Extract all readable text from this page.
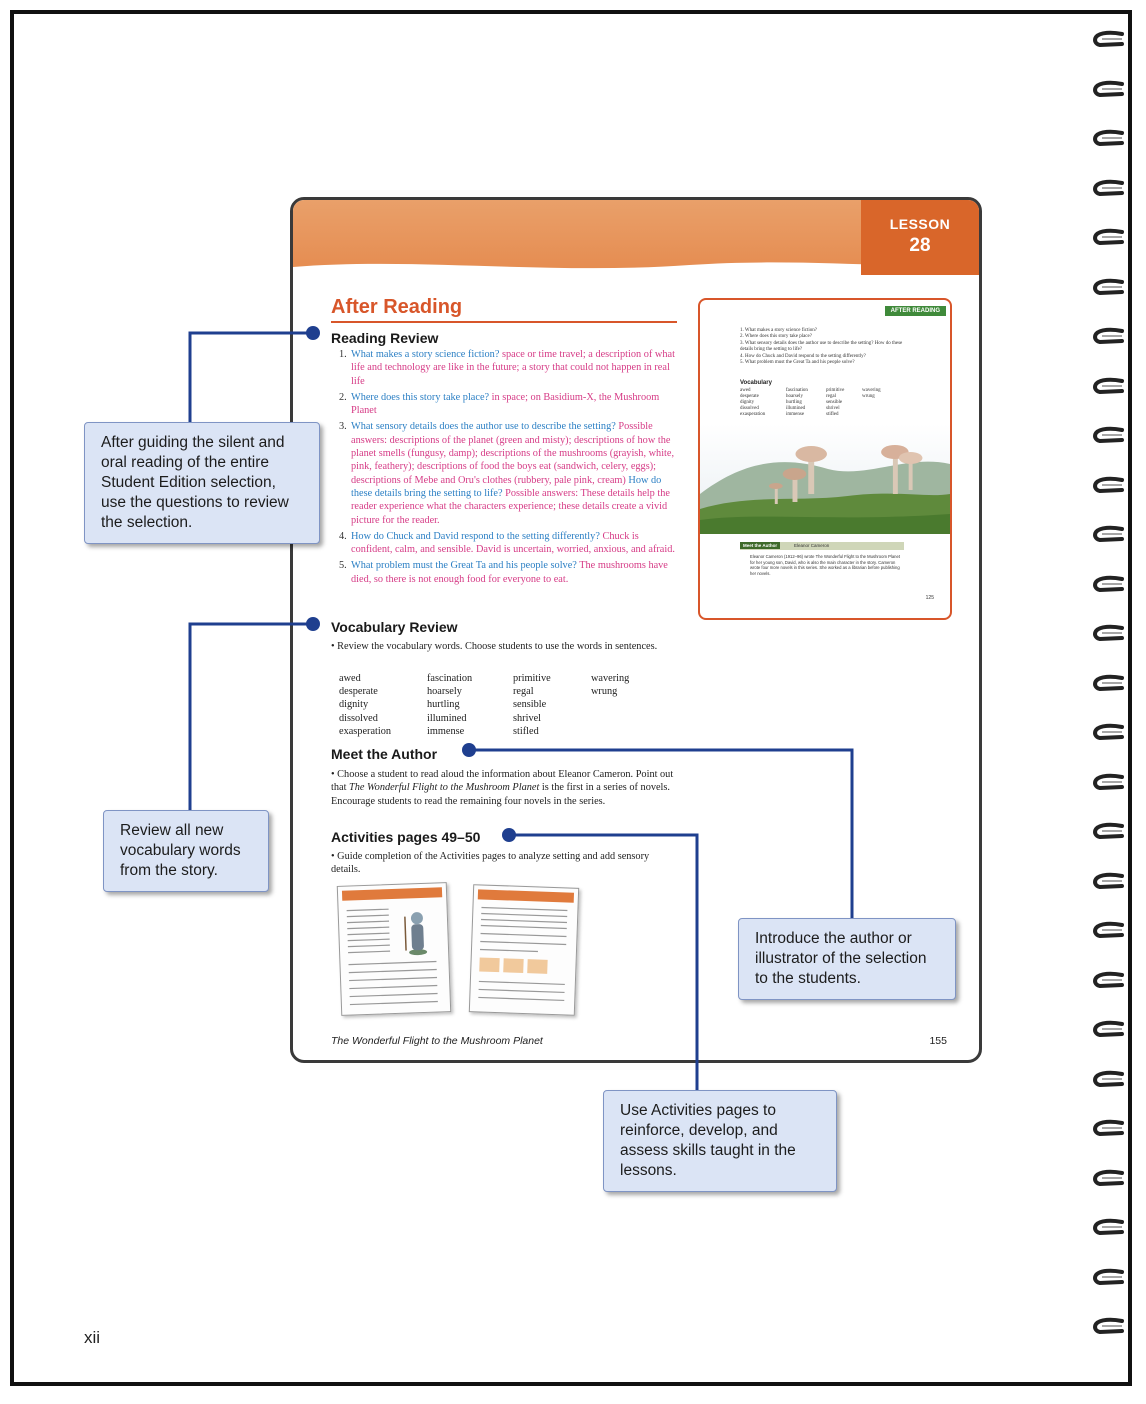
xii
LESSON
28
After Reading
Reading Review
1. What makes a story science fiction? space or time travel; a description of what life and technology are like in the future; a story that could not happen in real life
2. Where does this story take place? in space; on Basidium-X, the Mushroom Planet
3. What sensory details does the author use to describe the setting? Possible answers: descriptions of the planet (green and misty); descriptions of how the planet smells (fungusy, damp); descriptions of the mushrooms (grayish, white, pink, feathery); descriptions of food the boys eat (sandwich, celery, eggs); descriptions of Mebe and Oru's clothes (rubbery, pale pink, cream) How do these details bring the setting to life? Possible answers: These details help the reader experience what the characters experience; these details create a vivid picture for the reader.
4. How do Chuck and David respond to the setting differently? Chuck is confident, calm, and sensible. David is uncertain, worried, anxious, and afraid.
5. What problem must the Great Ta and his people solve? The mushrooms have died, so there is not enough food for everyone to eat.
Vocabulary Review
• Review the vocabulary words. Choose students to use the words in sentences.
awed
desperate
dignity
dissolved
exasperation
fascination
hoarsely
hurtling
illumined
immense
primitive
regal
sensible
shrivel
stifled
wavering
wrung
Meet the Author
• Choose a student to read aloud the information about Eleanor Cameron. Point out that The Wonderful Flight to the Mushroom Planet is the first in a series of novels. Encourage students to read the remaining four novels in the series.
Activities pages 49–50
• Guide completion of the Activities pages to analyze setting and add sensory details.
The Wonderful Flight to the Mushroom Planet	155
AFTER READING
1. What makes a story science fiction?
2. Where does this story take place?
3. What sensory details does the author use to describe the setting? How do these details bring the setting to life?
4. How do Chuck and David respond to the setting differently?
5. What problem must the Great Ta and his people solve?
Vocabulary
awed
desperate
dignity
dissolved
exasperation
fascination
hoarsely
hurtling
illumined
immense
primitive
regal
sensible
shrivel
stifled
wavering
wrung
Meet the Author	Eleanor Cameron
Eleanor Cameron (1912–96) wrote The Wonderful Flight to the Mushroom Planet for her young son, David, who is also the main character in the story. Cameron wrote four more novels in this series. She worked as a librarian before publishing her novels.
125
After guiding the silent and oral reading of the entire Student Edition selection, use the questions to review the selection.
Review all new vocabulary words from the story.
Introduce the author or illustrator of the selection to the students.
Use Activities pages to reinforce, develop, and assess skills taught in the lessons.
